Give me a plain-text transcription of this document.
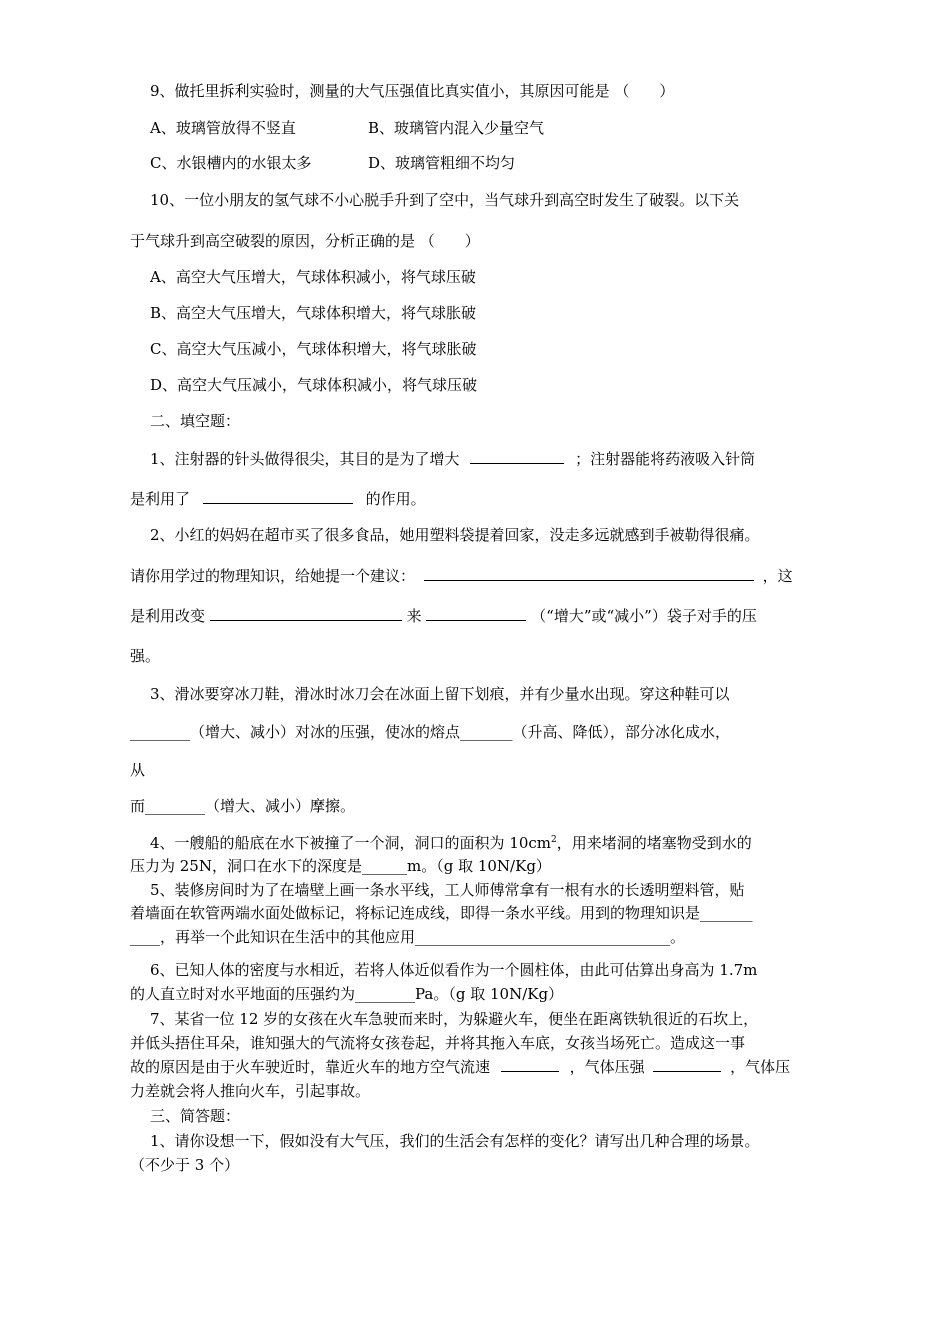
9、做托里拆利实验时，测量的大气压强值比真实值小，其原因可能是 （　　）
A、玻璃管放得不竖直	B、玻璃管内混入少量空气
C、水银槽内的水银太多	D、玻璃管粗细不均匀
10、一位小朋友的氢气球不小心脱手升到了空中，当气球升到高空时发生了破裂。以下关
于气球升到高空破裂的原因，分析正确的是 （　　）
A、高空大气压增大，气球体积减小，将气球压破
B、高空大气压增大，气球体积增大，将气球胀破
C、高空大气压减小，气球体积增大，将气球胀破
D、高空大气压减小，气球体积减小，将气球压破
二、填空题：
1、注射器的针头做得很尖，其目的是为了增大	；注射器能将药液吸入针筒
是利用了	的作用。
2、小红的妈妈在超市买了很多食品，她用塑料袋提着回家，没走多远就感到手被勒得很痛。
请你用学过的物理知识，给她提一个建议：	，这
是利用改变	来	（“增大”或“减小”）袋子对手的压
强。
3、滑冰要穿冰刀鞋，滑冰时冰刀会在冰面上留下划痕，并有少量水出现。穿这种鞋可以
________（增大、减小）对冰的压强，使冰的熔点_______（升高、降低），部分冰化成水，
从
而________（增大、减小）摩擦。
4、一艘船的船底在水下被撞了一个洞，洞口的面积为 $10cm^2$，用来堵洞的堵塞物受到水的
压力为 25N，洞口在水下的深度是______m。（g 取 10N/Kg）
5、装修房间时为了在墙壁上画一条水平线，工人师傅常拿有一根有水的长透明塑料管，贴
着墙面在软管两端水面处做标记，将标记连成线，即得一条水平线。用到的物理知识是_______
____，再举一个此知识在生活中的其他应用__________________________________。
6、已知人体的密度与水相近，若将人体近似看作为一个圆柱体，由此可估算出身高为 1.7m
的人直立时对水平地面的压强约为________Pa。（g 取 10N/Kg）
7、某省一位 12 岁的女孩在火车急驶而来时，为躲避火车，便坐在距离铁轨很近的石坎上，
并低头捂住耳朵，谁知强大的气流将女孩卷起，并将其拖入车底，女孩当场死亡。造成这一事
故的原因是由于火车驶近时，靠近火车的地方空气流速	，气体压强	，气体压
力差就会将人推向火车，引起事故。
三、简答题：
1、请你设想一下，假如没有大气压，我们的生活会有怎样的变化？请写出几种合理的场景。
（不少于 3 个）
